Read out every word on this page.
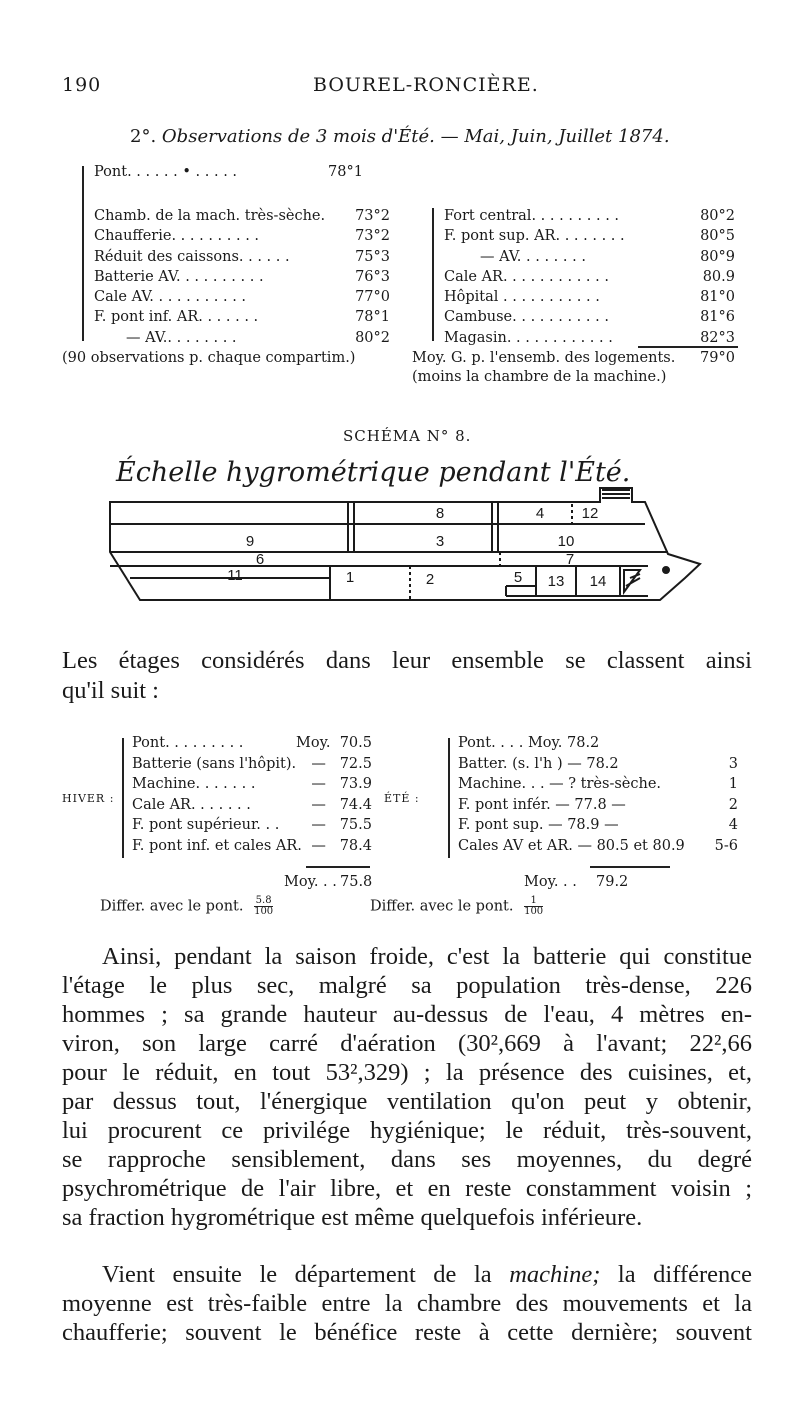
190	BOUREL-RONCIÈRE.
2°. Observations de 3 mois d'Été. — Mai, Juin, Juillet 1874.
Pont. . . . . . • . . . . .	78°1
Chamb. de la mach. très-sèche. 73°2
Chaufferie. . . . . . . . . .	73°2
Réduit des caissons. . . . . .	75°3
Batterie AV. . . . . . . . . .	76°3
Cale AV. . . . . . . . . . .	77°0
F. pont inf. AR. . . . . . .	78°1
— AV.. . . . . . . .	80°2
Fort central. . . . . . . . . .	80°2
F. pont sup. AR. . . . . . . .	80°5
— AV. . . . . . . .	80°9
Cale AR. . . . . . . . . . . .	80.9
Hôpital . . . . . . . . . . .	81°0
Cambuse. . . . . . . . . . .	81°6
Magasin. . . . . . . . . . . .	82°3
(90 observations p. chaque compartim.)	Moy. G. p. l'ensemb. des logements. 79°0
(moins la chambre de la machine.)
SCHÉMA N° 8.
Échelle hygrométrique pendant l'Été.
8	4 12
9	3	10
6	7
11	1	2	5 13 14
Les étages considérés dans leur ensemble se classent ainsi
qu'il suit :
HIVER :
Pont. . . . . . . . .	Moy. 70.5
Batterie (sans l'hôpit). — 72.5
Machine. . . . . . .	— 73.9
Cale AR. . . . . . .	— 74.4
F. pont supérieur. . . — 75.5
F. pont inf. et cales AR. — 78.4
ÉTÉ :
Pont. . . . Moy. 78.2
Batter. (s. l'h ) — 78.2	3
Machine. . . — ? très-sèche.	1
F. pont infér. — 77.8 —	2
F. pont sup. — 78.9 —	4
Cales AV et AR. — 80.5 et 80.9 5-6
Moy. . . 75.8	Moy. . . 79.2
Differ. avec le pont. $\frac{5.8}{100}$	Differ. avec le pont. $\frac{1}{100}$
Ainsi, pendant la saison froide, c'est la batterie qui constitue
l'étage le plus sec, malgré sa population très-dense, 226
hommes ; sa grande hauteur au-dessus de l'eau, 4 mètres en-
viron, son large carré d'aération (30²,669 à l'avant; 22²,66
pour le réduit, en tout 53²,329) ; la présence des cuisines, et,
par dessus tout, l'énergique ventilation qu'on peut y obtenir,
lui procurent ce privilége hygiénique; le réduit, très-souvent,
se rapproche sensiblement, dans ses moyennes, du degré
psychrométrique de l'air libre, et en reste constamment voisin ;
sa fraction hygrométrique est même quelquefois inférieure.
Vient ensuite le département de la machine; la différence
moyenne est très-faible entre la chambre des mouvements et la
chaufferie; souvent le bénéfice reste à cette dernière; souvent
